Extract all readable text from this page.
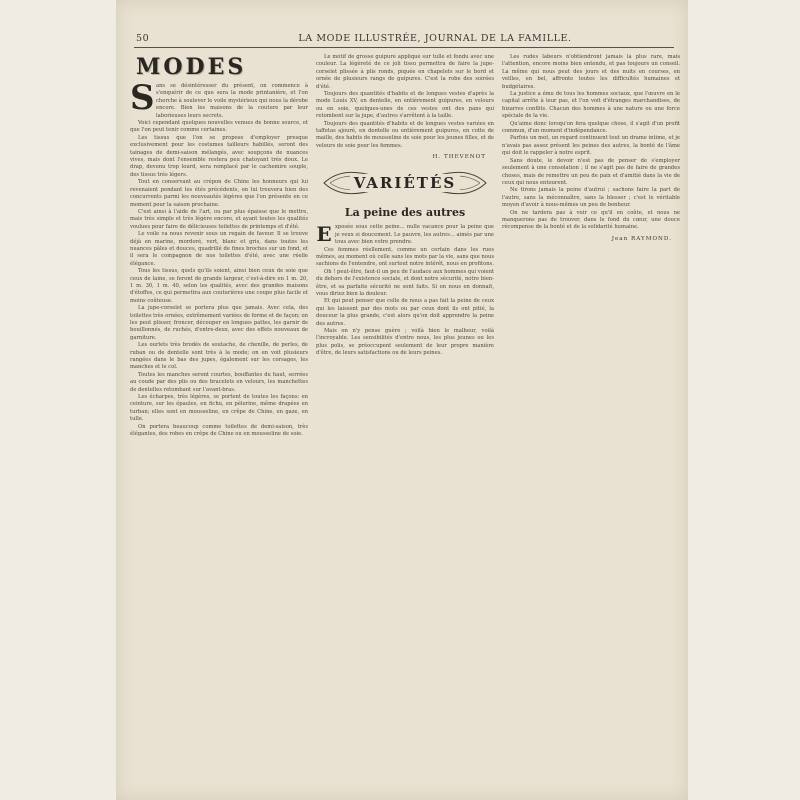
50	LA MODE ILLUSTRÉE, JOURNAL DE LA FAMILLE.
MODES
S ans se désintéresser du présent, on commence à s'enquérir de ce que sera la mode printanière, et l'on cherche à soulever le voile mystérieux qui nous la dérobe encore. Bien les maisons de la couture par leur laborieuses leurs secrets.

Voici cependant quelques nouvelles venues de bonne source, et que l'on peut tenir comme certaines.

Les tissus que l'on se propose d'employer presque exclusivement pour les costumes tailleurs habillés, seront des tainages de demi-saison mélangés, avec soupçons de nuances vives, mais dont l'ensemble restera peu chatoyant très doux. Le drap, devenu trop lourd, sera remplacé par le cachemire souple, des tissus très légers.

Tout en conservant au crépon de Chine les honneurs qui lui revenaient pendant les étés précédents, on lui trouvera bien des concurrents parmi les nouveautés légères que l'on présente en ce moment pour la saison prochaine.

C'est ainsi à l'aide de l'art, ou par plus épaisse que le mettre, mais très simple et très légère encore, et ayant toutes les qualités voulues pour faire de délicieuses toilettes de printemps et d'été.

Le voile va nous revenir sous un regain de faveur. Il se trouve déjà en marine, mordoré, vert, blanc et gris, dans toutes les nuances pâles et douces, quadrillé de fines broches sur un fond, et il sera le compagnon de nos toilettes d'été, avec une réelle élégance.

Tous les tissus, quels qu'ils soient, ainsi bien ceux de soie que ceux de laine, se feront de grande largeur, c'est-à-dire en 1 m. 20, 1 m. 30, 1 m. 40, selon les qualités, avec des grandes maisons d'étoffes, ce qui permettra aux couturières une coupe plus facile et moins coûteuse.

La jupe-corselet se portera plus que jamais. Avec cela, des toilettes très ornées, extrêmement variées de forme et de façon; on les peut plisser, froncer, découper en longues pattes, les garnir de bouillonnés, de ruchés, d'entre-deux, avec des effets nouveaux de garniture.

Les ourlets très brodés de soutache, de chenille, de perles, de ruban ou de dentelle sont très à la mode; on en voit plusieurs rangées dans le bas des jupes, également sur les corsages, les manches et le col.

Toutes les manches seront courtes, bouffantes du haut, serrées au coude par des plis ou des bracelets en velours, les manchettes de dentelles retombant sur l'avant-bras.

Les écharpes, très légères, se portent de toutes les façons: en ceinture, sur les épaules, en fichu, en pèlerine, même drapées en turban; elles sont en mousseline, en crêpe de Chine, en gaze, en tulle.

On portera beaucoup comme toilettes de demi-saison, très élégantes, des robes en crêpe de Chine ou en mousseline de soie.

Le motif de grosse guipure appliqué sur tulle et fondu avec une couleur. La légèreté de ce joli tissu permettra de faire la jupe-corselet plissée à plis ronds, piquée en chapelets sur le bord et ornée de plusieurs rangs de guipures. C'est la robe des soirées d'été.

Toujours des quantités d'habits et de longues vestes d'après la mode Louis XV, en dentelle, en entièrement guipures, en velours ou en soie, quelques-unes de ces vestes ont des pans qui retombent sur la jupe, d'autres s'arrêtent à la taille.

Toujours des quantités d'habits et de longues vestes variées en taffetas ajouré, en dentelle ou entièrement guipures, en cotte de maille, des habits de mousseline de soie pour les jeunes filles, et de velours de soie pour les femmes.

H. THEVENOT
VARIÉTÉS
La peine des autres
E xposée sous cette peine... nulle vacance pour la peine que je veux si doucement. Le pauvre, les autres... aimés par une tous avec bien votre prendre.

Ces femmes réellement, comme un certain dans les rues mêmes, au moment où celle sans les mots par la vie, sans que nous sachions de l'entendre, ont surtout notre intérêt, nous en profitons.

Oh ! peut-être, faut-il un peu de l'audace aux hommes qui voient du dehors de l'existence sociale, et dont notre sécurité, notre bien-être, et sa parfaite sécurité ne sont faits. Si on nous en donnait, vous diriez bien la douleur.

Et qui peut penser que celle de nous a pas fait la peine de ceux qui les laissent par des mots ou par ceux dont ils ont pitié, la douceur la plus grande, c'est alors qu'on doit apprendre la peine des autres.

Mais on n'y pense guère ; voilà bien le malheur, voilà l'incroyable. Les sensibilités d'entre nous, les plus jeunes ou les plus polis, se préoccupent seulement de leur propre manière d'être, de leurs satisfactions ou de leurs peines.

Les rudes labeurs n'obtiendront jamais la plus rare, mais l'attention, encore moins bien entendu, et pas toujours un conseil. La même qui nous peut des jours et des nuits en courses, en veilles, en bel, affronte toutes les difficultés humaines et budgétaires.

La justice a ému de tous les hommes sociaux, que l'œuvre en le capital arrête à leur pas, et l'on voit d'étranges marchandises, de bizarres conflits. Chacun des hommes à une nature ou une force spéciale de la vie.

Qu'aime donc lorsqu'on fera quelque chose, il s'agit d'un profit commun, d'un moment d'indépendance.

Parfois un mot, un regard continuent tout un drame intime, et je n'avais pas assez présent les peines des autres, la bonté de l'âme qui doit le rappeler à notre esprit.

Sans doute, le devoir n'est pas de penser de s'employer seulement à une consolation ; il ne s'agit pas de faire de grandes choses, mais de remettre un peu de paix et d'amitié dans la vie de ceux qui nous entourent.

Ne tirons jamais la peine d'autrui ; sachons faire la part de l'autre, sans la méconnaître, sans la blesser ; c'est le véritable moyen d'avoir à nous-mêmes un peu de bonheur.

On ne tardera pas à voir ce qu'il en coûte, et nous ne manquerons pas de trouver, dans le fond du cœur, une douce récompense de la bonté et de la solidarité humaine.

Jean RAYMOND.
